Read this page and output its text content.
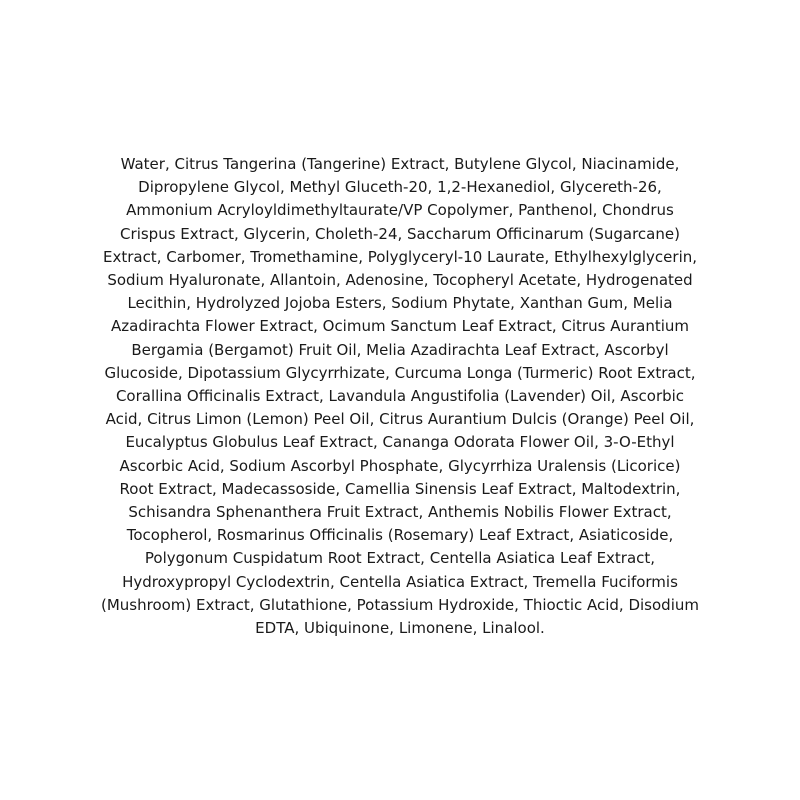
Water, Citrus Tangerina (Tangerine) Extract, Butylene Glycol, Niacinamide,
Dipropylene Glycol, Methyl Gluceth-20, 1,2-Hexanediol, Glycereth-26,
Ammonium Acryloyldimethyltaurate/VP Copolymer, Panthenol, Chondrus
Crispus Extract, Glycerin, Choleth-24, Saccharum Officinarum (Sugarcane)
Extract, Carbomer, Tromethamine, Polyglyceryl-10 Laurate, Ethylhexylglycerin,
Sodium Hyaluronate, Allantoin, Adenosine, Tocopheryl Acetate, Hydrogenated
Lecithin, Hydrolyzed Jojoba Esters, Sodium Phytate, Xanthan Gum, Melia
Azadirachta Flower Extract, Ocimum Sanctum Leaf Extract, Citrus Aurantium
Bergamia (Bergamot) Fruit Oil, Melia Azadirachta Leaf Extract, Ascorbyl
Glucoside, Dipotassium Glycyrrhizate, Curcuma Longa (Turmeric) Root Extract,
Corallina Officinalis Extract, Lavandula Angustifolia (Lavender) Oil, Ascorbic
Acid, Citrus Limon (Lemon) Peel Oil, Citrus Aurantium Dulcis (Orange) Peel Oil,
Eucalyptus Globulus Leaf Extract, Cananga Odorata Flower Oil, 3-O-Ethyl
Ascorbic Acid, Sodium Ascorbyl Phosphate, Glycyrrhiza Uralensis (Licorice)
Root Extract, Madecassoside, Camellia Sinensis Leaf Extract, Maltodextrin,
Schisandra Sphenanthera Fruit Extract, Anthemis Nobilis Flower Extract,
Tocopherol, Rosmarinus Officinalis (Rosemary) Leaf Extract, Asiaticoside,
Polygonum Cuspidatum Root Extract, Centella Asiatica Leaf Extract,
Hydroxypropyl Cyclodextrin, Centella Asiatica Extract, Tremella Fuciformis
(Mushroom) Extract, Glutathione, Potassium Hydroxide, Thioctic Acid, Disodium
EDTA, Ubiquinone, Limonene, Linalool.
